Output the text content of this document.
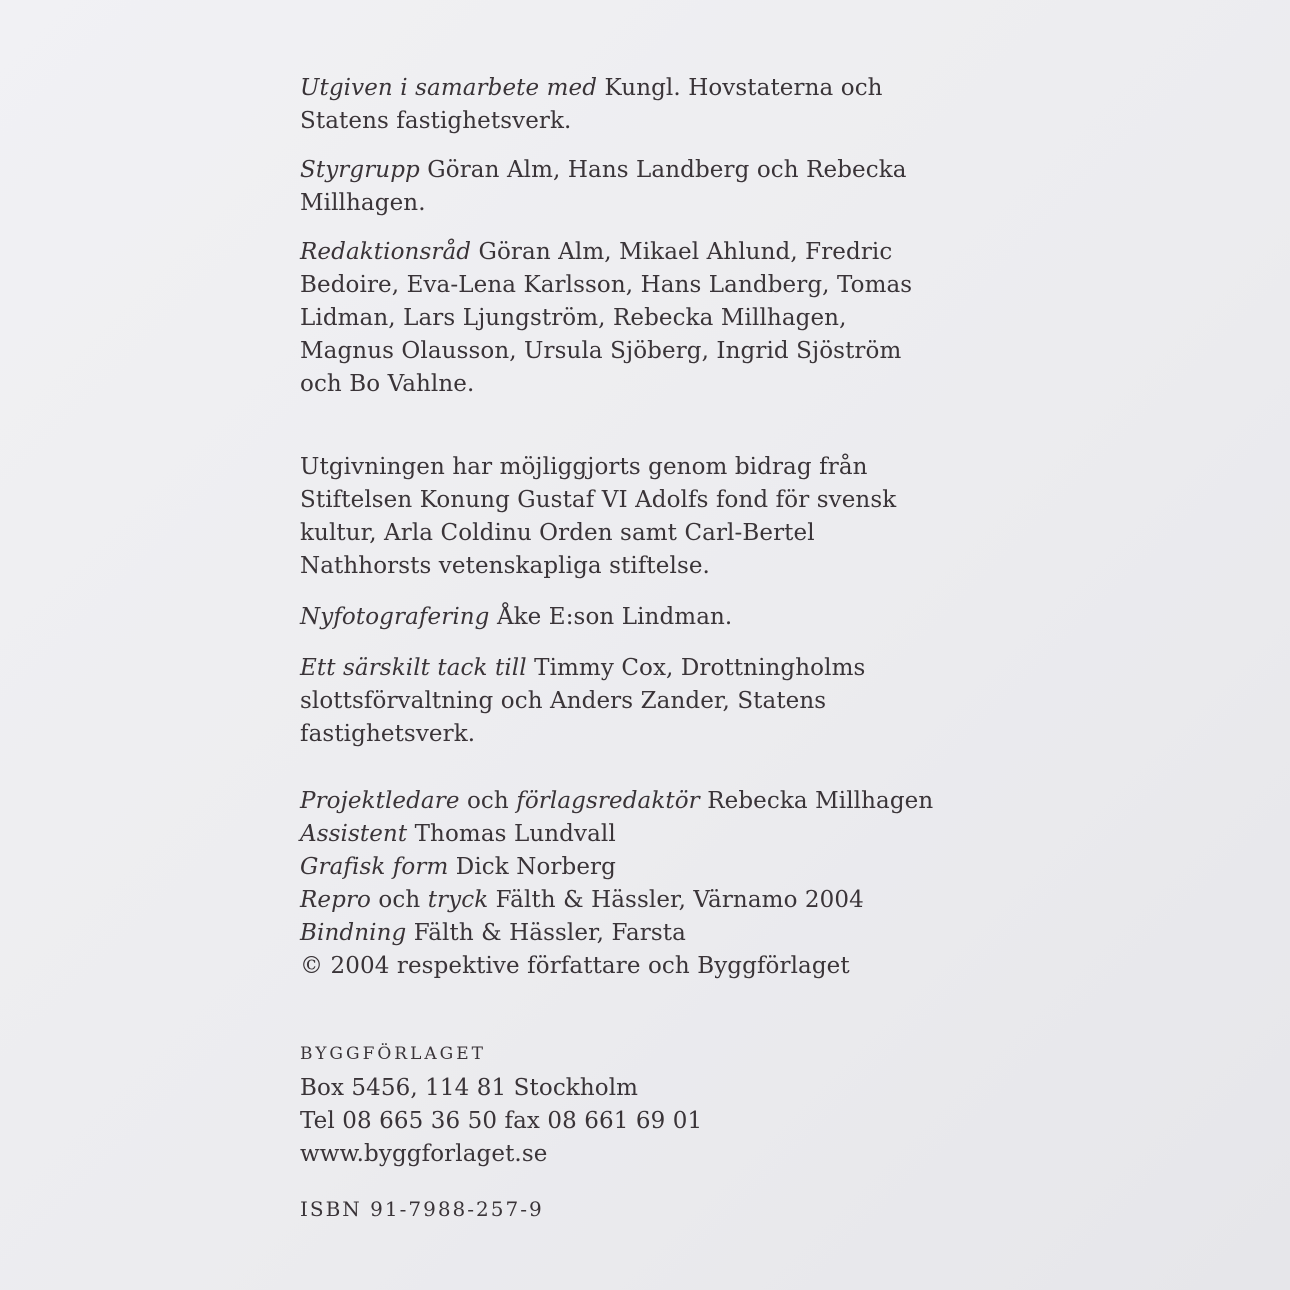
Utgiven i samarbete med Kungl. Hovstaterna och Statens fastighetsverk.

Styrgrupp Göran Alm, Hans Landberg och Rebecka Millhagen.

Redaktionsråd Göran Alm, Mikael Ahlund, Fredric Bedoire, Eva-Lena Karlsson, Hans Landberg, Tomas Lidman, Lars Ljungström, Rebecka Millhagen, Magnus Olausson, Ursula Sjöberg, Ingrid Sjöström och Bo Vahlne.

Utgivningen har möjliggjorts genom bidrag från Stiftelsen Konung Gustaf VI Adolfs fond för svensk kultur, Arla Coldinu Orden samt Carl-Bertel Nathhorsts vetenskapliga stiftelse.

Nyfotografering Åke E:son Lindman.

Ett särskilt tack till Timmy Cox, Drottningholms slottsförvaltning och Anders Zander, Statens fastighetsverk.

Projektledare och förlagsredaktör Rebecka Millhagen
Assistent Thomas Lundvall
Grafisk form Dick Norberg
Repro och tryck Fälth & Hässler, Värnamo 2004
Bindning Fälth & Hässler, Farsta
© 2004 respektive författare och Byggförlaget

BYGGFÖRLAGET

Box 5456, 114 81 Stockholm
Tel 08 665 36 50 fax 08 661 69 01
www.byggforlaget.se

ISBN 91-7988-257-9
